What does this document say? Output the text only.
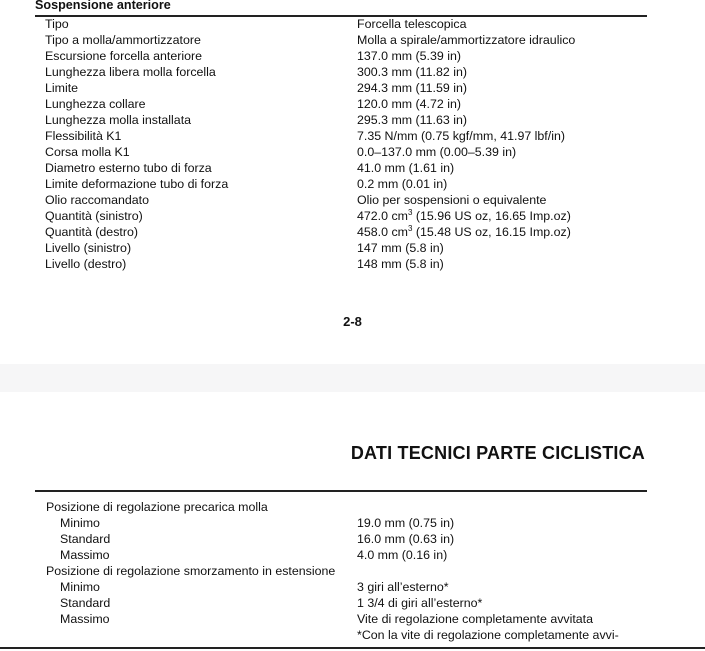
Sospensione anteriore
Tipo	Forcella telescopica
Tipo a molla/ammortizzatore	Molla a spirale/ammortizzatore idraulico
Escursione forcella anteriore	137.0 mm (5.39 in)
Lunghezza libera molla forcella	300.3 mm (11.82 in)
Limite	294.3 mm (11.59 in)
Lunghezza collare	120.0 mm (4.72 in)
Lunghezza molla installata	295.3 mm (11.63 in)
Flessibilità K1	7.35 N/mm (0.75 kgf/mm, 41.97 lbf/in)
Corsa molla K1	0.0–137.0 mm (0.00–5.39 in)
Diametro esterno tubo di forza	41.0 mm (1.61 in)
Limite deformazione tubo di forza	0.2 mm (0.01 in)
Olio raccomandato	Olio per sospensioni o equivalente
Quantità (sinistro)	472.0 $cm^3$ (15.96 US oz, 16.65 Imp.oz)
Quantità (destro)	458.0 $cm^3$ (15.48 US oz, 16.15 Imp.oz)
Livello (sinistro)	147 mm (5.8 in)
Livello (destro)	148 mm (5.8 in)
2-8
DATI TECNICI PARTE CICLISTICA
Posizione di regolazione precarica molla
Minimo	19.0 mm (0.75 in)
Standard	16.0 mm (0.63 in)
Massimo	4.0 mm (0.16 in)
Posizione di regolazione smorzamento in estensione
Minimo	3 giri all’esterno*
Standard	1 3/4 di giri all’esterno*
Massimo	Vite di regolazione completamente avvitata
*Con la vite di regolazione completamente avvi-
